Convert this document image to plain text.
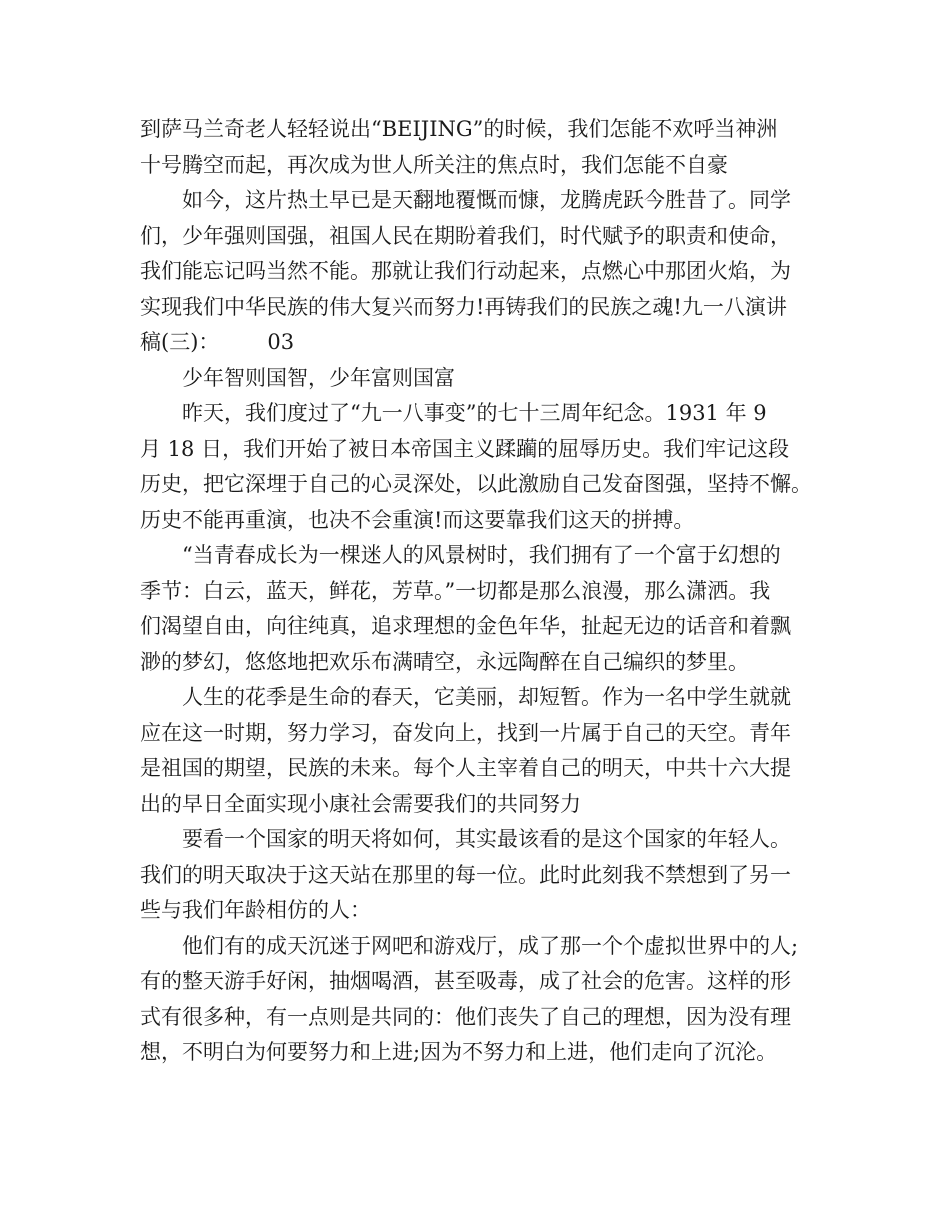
到萨马兰奇老人轻轻说出“BEIJING”的时候，我们怎能不欢呼当神洲
十号腾空而起，再次成为世人所关注的焦点时，我们怎能不自豪
如今，这片热土早已是天翻地覆慨而慷，龙腾虎跃今胜昔了。同学
们，少年强则国强，祖国人民在期盼着我们，时代赋予的职责和使命，
我们能忘记吗当然不能。那就让我们行动起来，点燃心中那团火焰，为
实现我们中华民族的伟大复兴而努力!再铸我们的民族之魂!九一八演讲
稿(三)： 03
少年智则国智，少年富则国富
昨天，我们度过了“九一八事变”的七十三周年纪念。1931 年 9
月 18 日，我们开始了被日本帝国主义蹂躏的屈辱历史。我们牢记这段
历史，把它深埋于自己的心灵深处，以此激励自己发奋图强，坚持不懈。
历史不能再重演，也决不会重演!而这要靠我们这天的拼搏。
“当青春成长为一棵迷人的风景树时，我们拥有了一个富于幻想的
季节：白云，蓝天，鲜花，芳草。”一切都是那么浪漫，那么潇洒。我
们渴望自由，向往纯真，追求理想的金色年华，扯起无边的话音和着飘
渺的梦幻，悠悠地把欢乐布满晴空，永远陶醉在自己编织的梦里。
人生的花季是生命的春天，它美丽，却短暂。作为一名中学生就就
应在这一时期，努力学习，奋发向上，找到一片属于自己的天空。青年
是祖国的期望，民族的未来。每个人主宰着自己的明天，中共十六大提
出的早日全面实现小康社会需要我们的共同努力
要看一个国家的明天将如何，其实最该看的是这个国家的年轻人。
我们的明天取决于这天站在那里的每一位。此时此刻我不禁想到了另一
些与我们年龄相仿的人：
他们有的成天沉迷于网吧和游戏厅，成了那一个个虚拟世界中的人;
有的整天游手好闲，抽烟喝酒，甚至吸毒，成了社会的危害。这样的形
式有很多种，有一点则是共同的：他们丧失了自己的理想，因为没有理
想，不明白为何要努力和上进;因为不努力和上进，他们走向了沉沦。
